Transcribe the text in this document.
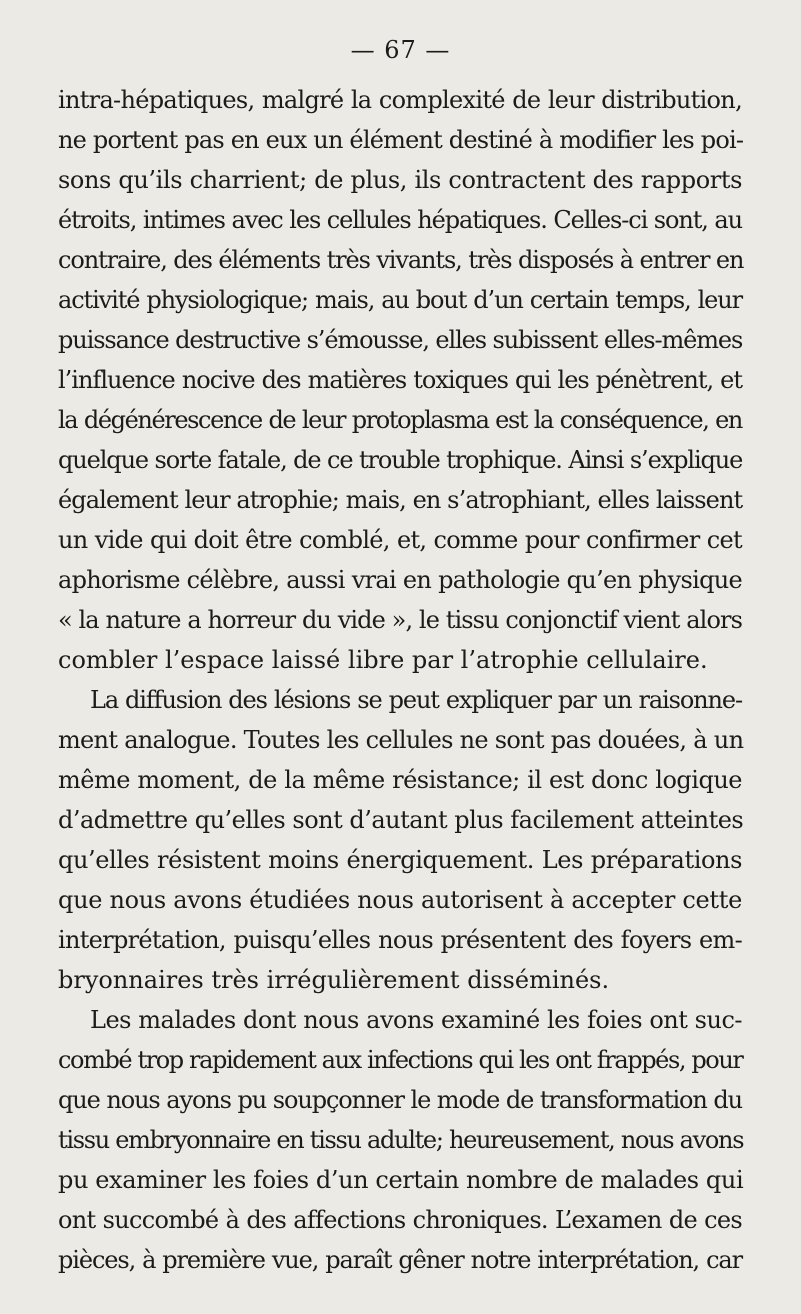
— 67 —
intra-hépatiques, malgré la complexité de leur distribution,
ne portent pas en eux un élément destiné à modifier les poi-
sons qu’ils charrient; de plus, ils contractent des rapports
étroits, intimes avec les cellules hépatiques. Celles-ci sont, au
contraire, des éléments très vivants, très disposés à entrer en
activité physiologique; mais, au bout d’un certain temps, leur
puissance destructive s’émousse, elles subissent elles-mêmes
l’influence nocive des matières toxiques qui les pénètrent, et
la dégénérescence de leur protoplasma est la conséquence, en
quelque sorte fatale, de ce trouble trophique. Ainsi s’explique
également leur atrophie; mais, en s’atrophiant, elles laissent
un vide qui doit être comblé, et, comme pour confirmer cet
aphorisme célèbre, aussi vrai en pathologie qu’en physique
« la nature a horreur du vide », le tissu conjonctif vient alors
combler l’espace laissé libre par l’atrophie cellulaire.
La diffusion des lésions se peut expliquer par un raisonne-
ment analogue. Toutes les cellules ne sont pas douées, à un
même moment, de la même résistance; il est donc logique
d’admettre qu’elles sont d’autant plus facilement atteintes
qu’elles résistent moins énergiquement. Les préparations
que nous avons étudiées nous autorisent à accepter cette
interprétation, puisqu’elles nous présentent des foyers em-
bryonnaires très irrégulièrement disséminés.
Les malades dont nous avons examiné les foies ont suc-
combé trop rapidement aux infections qui les ont frappés, pour
que nous ayons pu soupçonner le mode de transformation du
tissu embryonnaire en tissu adulte; heureusement, nous avons
pu examiner les foies d’un certain nombre de malades qui
ont succombé à des affections chroniques. L’examen de ces
pièces, à première vue, paraît gêner notre interprétation, car
